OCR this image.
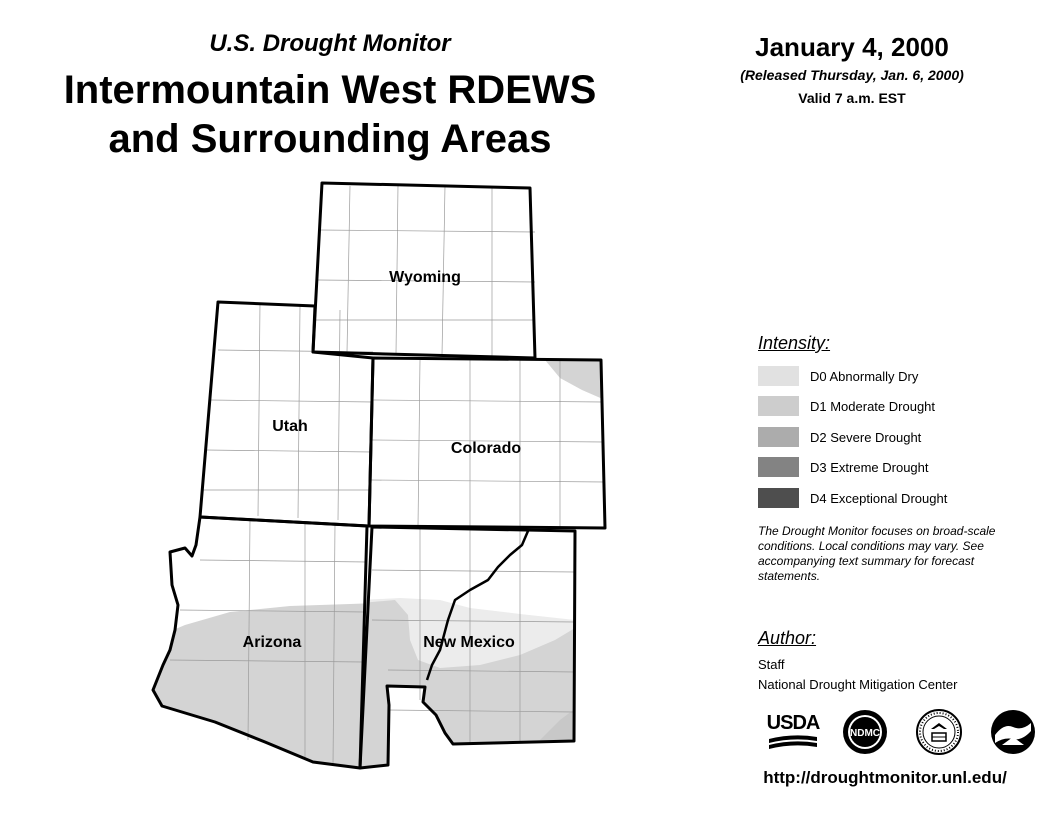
U.S. Drought Monitor
Intermountain West RDEWS
and Surrounding Areas
January 4, 2000
(Released Thursday, Jan. 6, 2000)
Valid 7 a.m. EST
Wyoming
Utah
Colorado
Arizona	New Mexico
Intensity:
D0 Abnormally Dry
D1 Moderate Drought
D2 Severe Drought
D3 Extreme Drought
D4 Exceptional Drought
The Drought Monitor focuses on broad-scale conditions. Local conditions may vary. See accompanying text summary for forecast statements.
Author:
Staff
National Drought Mitigation Center
USDA	NDMC
http://droughtmonitor.unl.edu/
